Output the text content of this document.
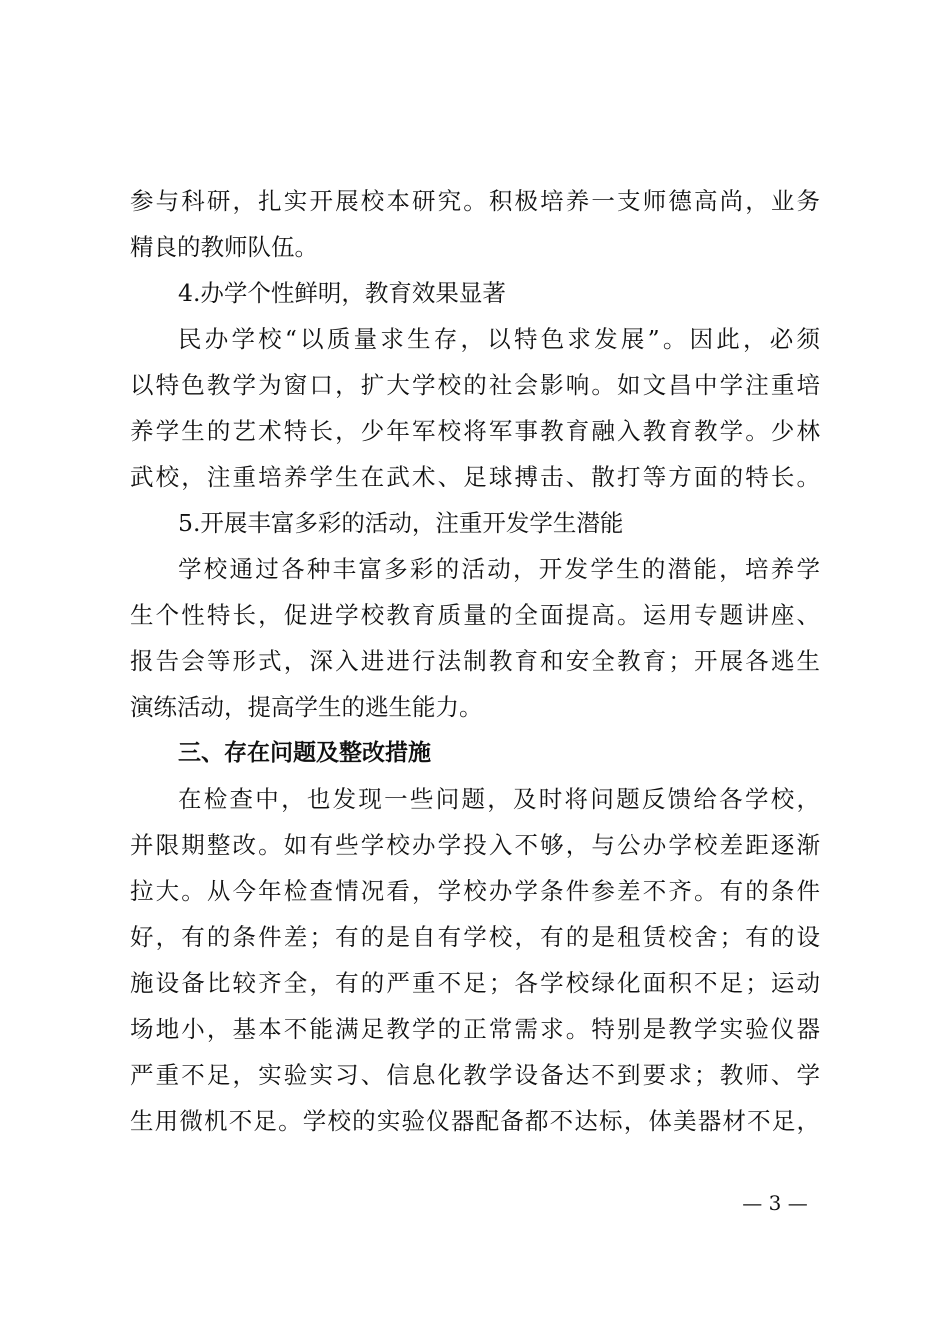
参与科研，扎实开展校本研究。积极培养一支师德高尚，业务
精良的教师队伍。
4.办学个性鲜明，教育效果显著
民办学校“以质量求生存，以特色求发展”。因此，必须
以特色教学为窗口，扩大学校的社会影响。如文昌中学注重培
养学生的艺术特长，少年军校将军事教育融入教育教学。少林
武校，注重培养学生在武术、足球搏击、散打等方面的特长。
5.开展丰富多彩的活动，注重开发学生潜能
学校通过各种丰富多彩的活动，开发学生的潜能，培养学
生个性特长，促进学校教育质量的全面提高。运用专题讲座、
报告会等形式，深入进进行法制教育和安全教育；开展各逃生
演练活动，提高学生的逃生能力。
三、存在问题及整改措施
在检查中，也发现一些问题，及时将问题反馈给各学校，
并限期整改。如有些学校办学投入不够，与公办学校差距逐渐
拉大。从今年检查情况看，学校办学条件参差不齐。有的条件
好，有的条件差；有的是自有学校，有的是租赁校舍；有的设
施设备比较齐全，有的严重不足；各学校绿化面积不足；运动
场地小，基本不能满足教学的正常需求。特别是教学实验仪器
严重不足，实验实习、信息化教学设备达不到要求；教师、学
生用微机不足。学校的实验仪器配备都不达标，体美器材不足，
— 3 —
